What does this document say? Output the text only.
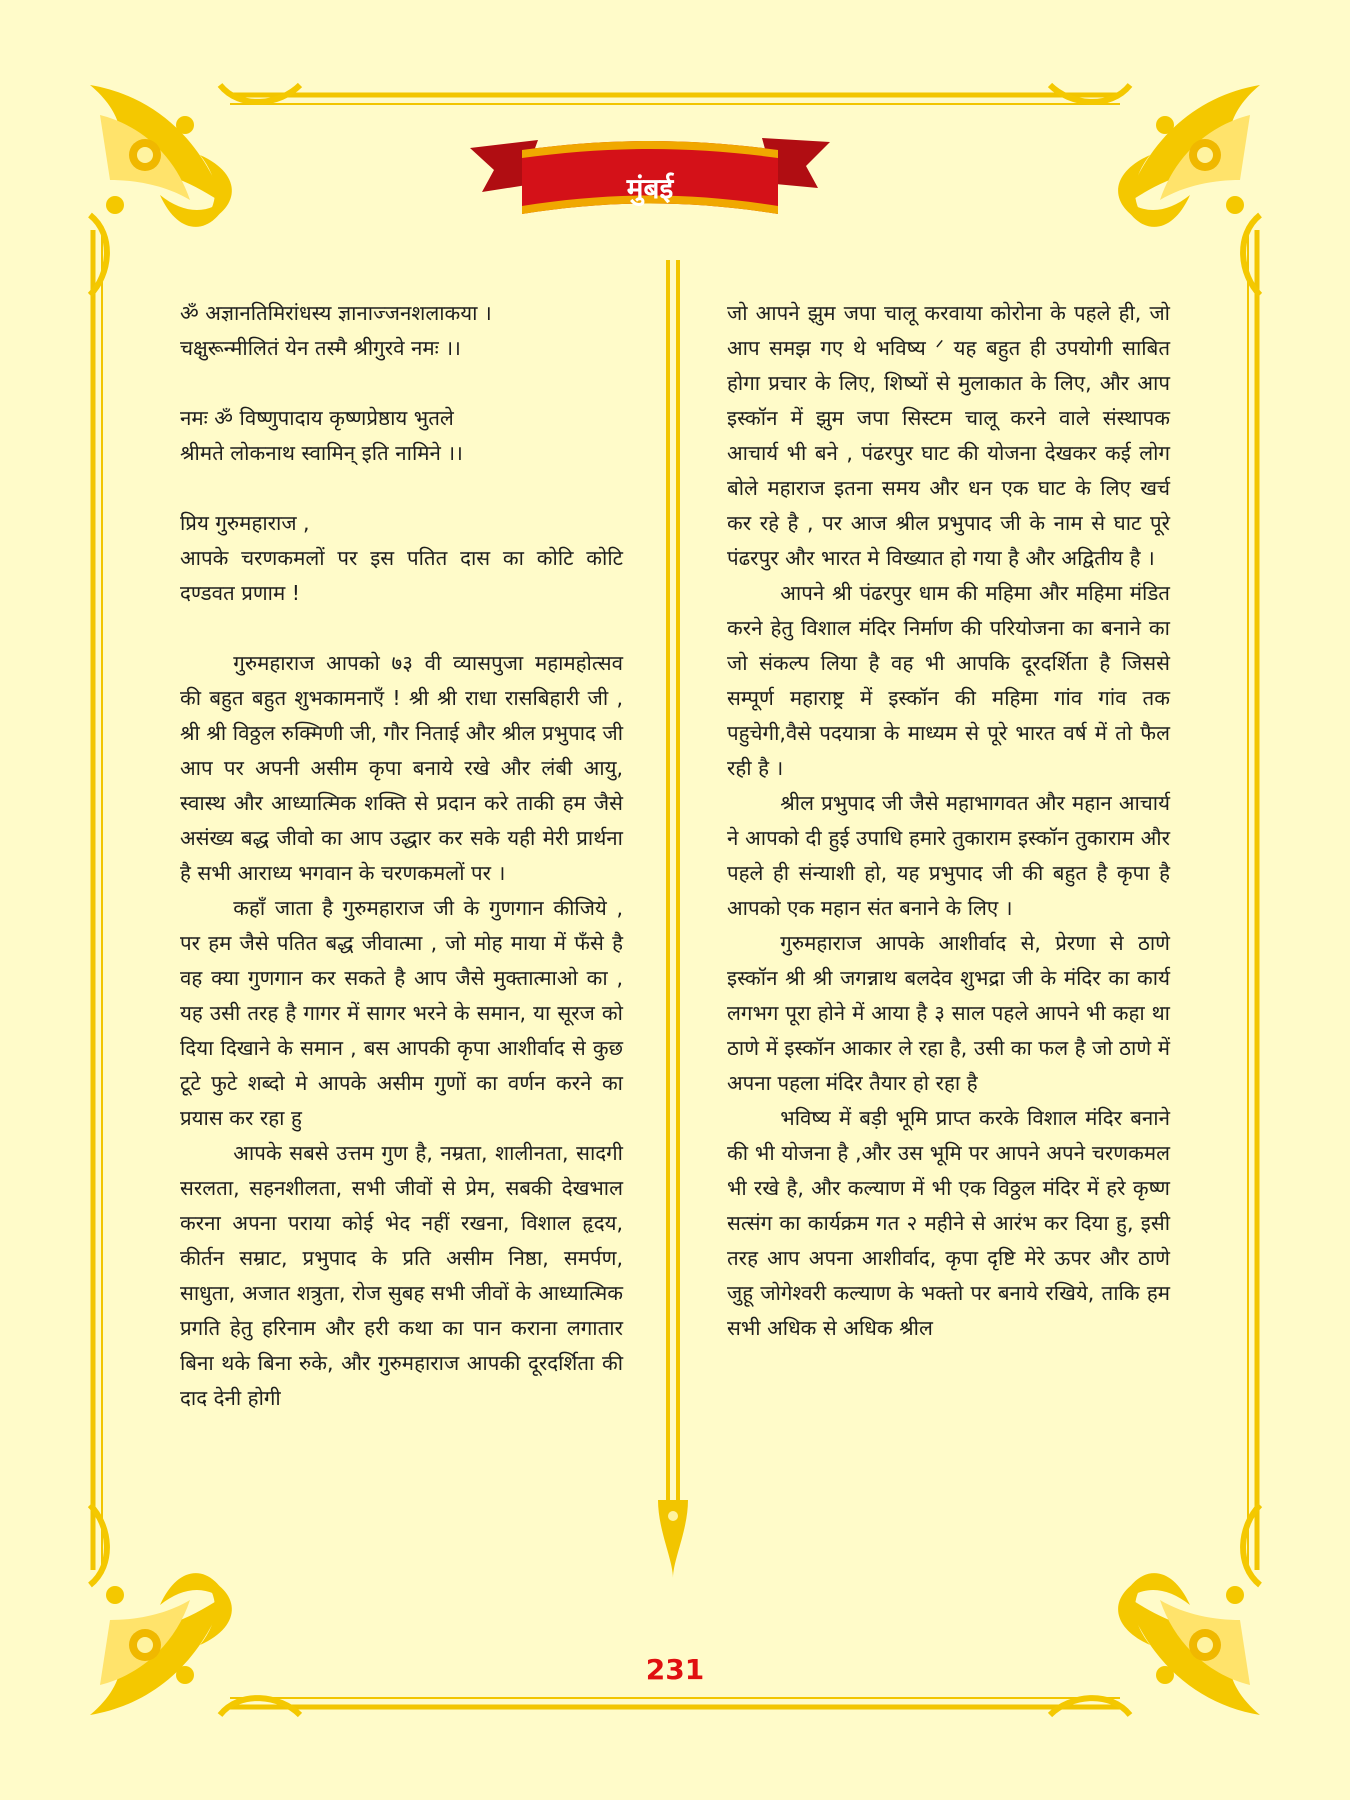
मुंबई

ॐ अज्ञानतिमिरांधस्य ज्ञानाज्जनशलाकया ।

चक्षुरून्मीलितं येन तस्मै श्रीगुरवे नमः ।।

नमः ॐ विष्णुपादाय कृष्णप्रेष्ठाय भुतले

श्रीमते लोकनाथ स्वामिन् इति नामिने ।।

प्रिय गुरुमहाराज ,

आपके चरणकमलों पर इस पतित दास का कोटि कोटि दण्डवत प्रणाम !

गुरुमहाराज आपको ७३ वी व्यासपुजा महामहोत्सव की बहुत बहुत शुभकामनाएँ ! श्री श्री राधा रासबिहारी जी , श्री श्री विठ्ठल रुक्मिणी जी, गौर निताई और श्रील प्रभुपाद जी आप पर अपनी असीम कृपा बनाये रखे और लंबी आयु, स्वास्थ और आध्यात्मिक शक्ति से प्रदान करे ताकी हम जैसे असंख्य बद्ध जीवो का आप उद्धार कर सके यही मेरी प्रार्थना है सभी आराध्य भगवान के चरणकमलों पर ।

कहाँ जाता है गुरुमहाराज जी के गुणगान कीजिये , पर हम जैसे पतित बद्ध जीवात्मा , जो मोह माया में फँसे है वह क्या गुणगान कर सकते है आप जैसे मुक्तात्माओ का , यह उसी तरह है गागर में सागर भरने के समान, या सूरज को दिया दिखाने के समान , बस आपकी कृपा आशीर्वाद से कुछ टूटे फुटे शब्दो मे आपके असीम गुणों का वर्णन करने का प्रयास कर रहा हु

आपके सबसे उत्तम गुण है, नम्रता, शालीनता, सादगी सरलता, सहनशीलता, सभी जीवों से प्रेम, सबकी देखभाल करना अपना पराया कोई भेद नहीं रखना, विशाल हृदय, कीर्तन सम्राट, प्रभुपाद के प्रति असीम निष्ठा, समर्पण, साधुता, अजात शत्रुता, रोज सुबह सभी जीवों के आध्यात्मिक प्रगति हेतु हरिनाम और हरी कथा का पान कराना लगातार बिना थके बिना रुके, और गुरुमहाराज आपकी दूरदर्शिता की दाद देनी होगी

जो आपने झुम जपा चालू करवाया कोरोना के पहले ही, जो आप समझ गए थे भविष्य ᐟ यह बहुत ही उपयोगी साबित होगा प्रचार के लिए, शिष्यों से मुलाकात के लिए, और आप इस्कॉन में झुम जपा सिस्टम चालू करने वाले संस्थापक आचार्य भी बने , पंढरपुर घाट की योजना देखकर कई लोग बोले महाराज इतना समय और धन एक घाट के लिए खर्च कर रहे है , पर आज श्रील प्रभुपाद जी के नाम से घाट पूरे पंढरपुर और भारत मे विख्यात हो गया है और अद्वितीय है ।

आपने श्री पंढरपुर धाम की महिमा और महिमा मंडित करने हेतु विशाल मंदिर निर्माण की परियोजना का बनाने का जो संकल्प लिया है वह भी आपकि दूरदर्शिता है जिससे सम्पूर्ण महाराष्ट्र में इस्कॉन की महिमा गांव गांव तक पहुचेगी,वैसे पदयात्रा के माध्यम से पूरे भारत वर्ष में तो फैल रही है ।

श्रील प्रभुपाद जी जैसे महाभागवत और महान आचार्य ने आपको दी हुई उपाधि हमारे तुकाराम इस्कॉन तुकाराम और पहले ही संन्याशी हो, यह प्रभुपाद जी की बहुत है कृपा है आपको एक महान संत बनाने के लिए ।

गुरुमहाराज आपके आशीर्वाद से, प्रेरणा से ठाणे इस्कॉन श्री श्री जगन्नाथ बलदेव शुभद्रा जी के मंदिर का कार्य लगभग पूरा होने में आया है ३ साल पहले आपने भी कहा था ठाणे में इस्कॉन आकार ले रहा है, उसी का फल है जो ठाणे में अपना पहला मंदिर तैयार हो रहा है

भविष्य में बड़ी भूमि प्राप्त करके विशाल मंदिर बनाने की भी योजना है ,और उस भूमि पर आपने अपने चरणकमल भी रखे है, और कल्याण में भी एक विठ्ठल मंदिर में हरे कृष्ण सत्संग का कार्यक्रम गत २ महीने से आरंभ कर दिया हु, इसी तरह आप अपना आशीर्वाद, कृपा दृष्टि मेरे ऊपर और ठाणे जुहू जोगेश्वरी कल्याण के भक्तो पर बनाये रखिये, ताकि हम सभी अधिक से अधिक श्रील

231
